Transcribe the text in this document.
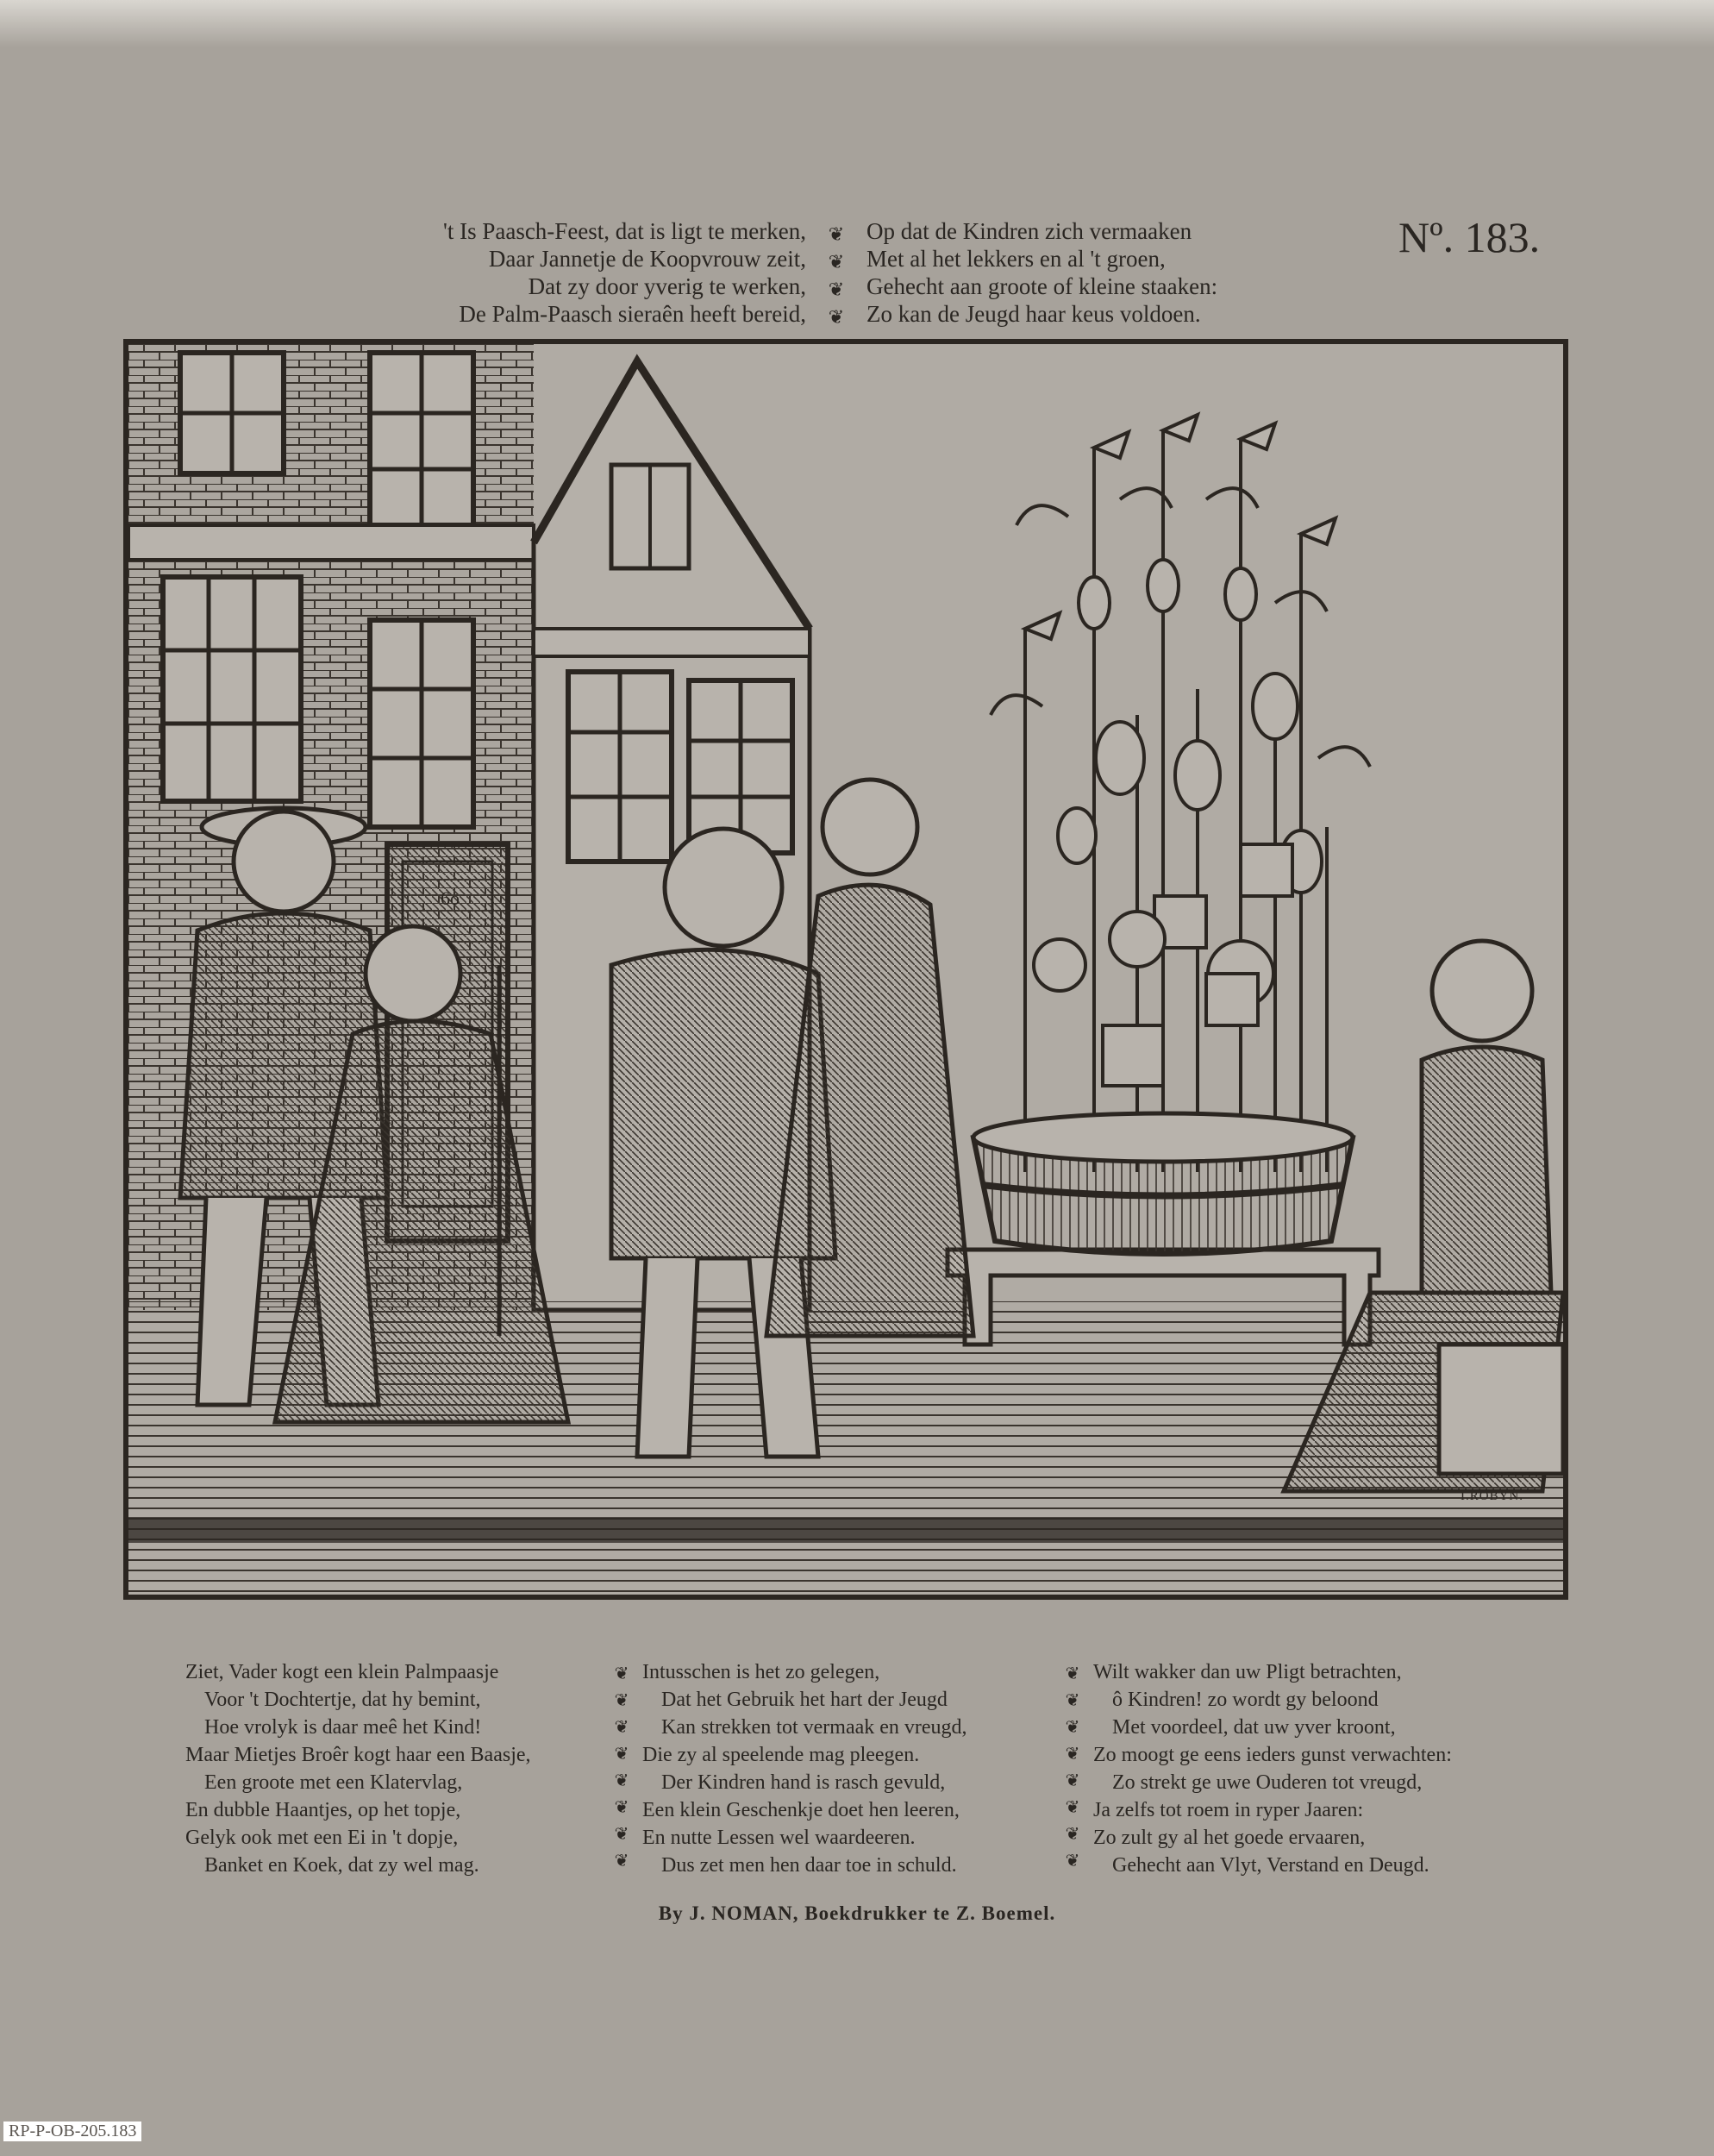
't Is Paasch-Feest, dat is ligt te merken,
Daar Jannetje de Koopvrouw zeit,
Dat zy door yverig te werken,
De Palm-Paasch sieraên heeft bereid,
❦
❦
❦
❦
Op dat de Kindren zich vermaaken
Met al het lekkers en al 't groen,
Gehecht aan groote of kleine staaken:
Zo kan de Jeugd haar keus voldoen.
Nº. 183.
6o
I.ROBYN.
Ziet, Vader kogt een klein Palmpaasje
Voor 't Dochtertje, dat hy bemint,
Hoe vrolyk is daar meê het Kind!
Maar Mietjes Broêr kogt haar een Baasje,
Een groote met een Klatervlag,
En dubble Haantjes, op het topje,
Gelyk ook met een Ei in 't dopje,
Banket en Koek, dat zy wel mag.
❦
❦
❦
❦
❦
❦
❦
❦
Intusschen is het zo gelegen,
Dat het Gebruik het hart der Jeugd
Kan strekken tot vermaak en vreugd,
Die zy al speelende mag pleegen.
Der Kindren hand is rasch gevuld,
Een klein Geschenkje doet hen leeren,
En nutte Lessen wel waardeeren.
Dus zet men hen daar toe in schuld.
❦
❦
❦
❦
❦
❦
❦
❦
Wilt wakker dan uw Pligt betrachten,
ô Kindren! zo wordt gy beloond
Met voordeel, dat uw yver kroont,
Zo moogt ge eens ieders gunst verwachten:
Zo strekt ge uwe Ouderen tot vreugd,
Ja zelfs tot roem in ryper Jaaren:
Zo zult gy al het goede ervaaren,
Gehecht aan Vlyt, Verstand en Deugd.
By J. NOMAN, Boekdrukker te Z. Boemel.
RP-P-OB-205.183
